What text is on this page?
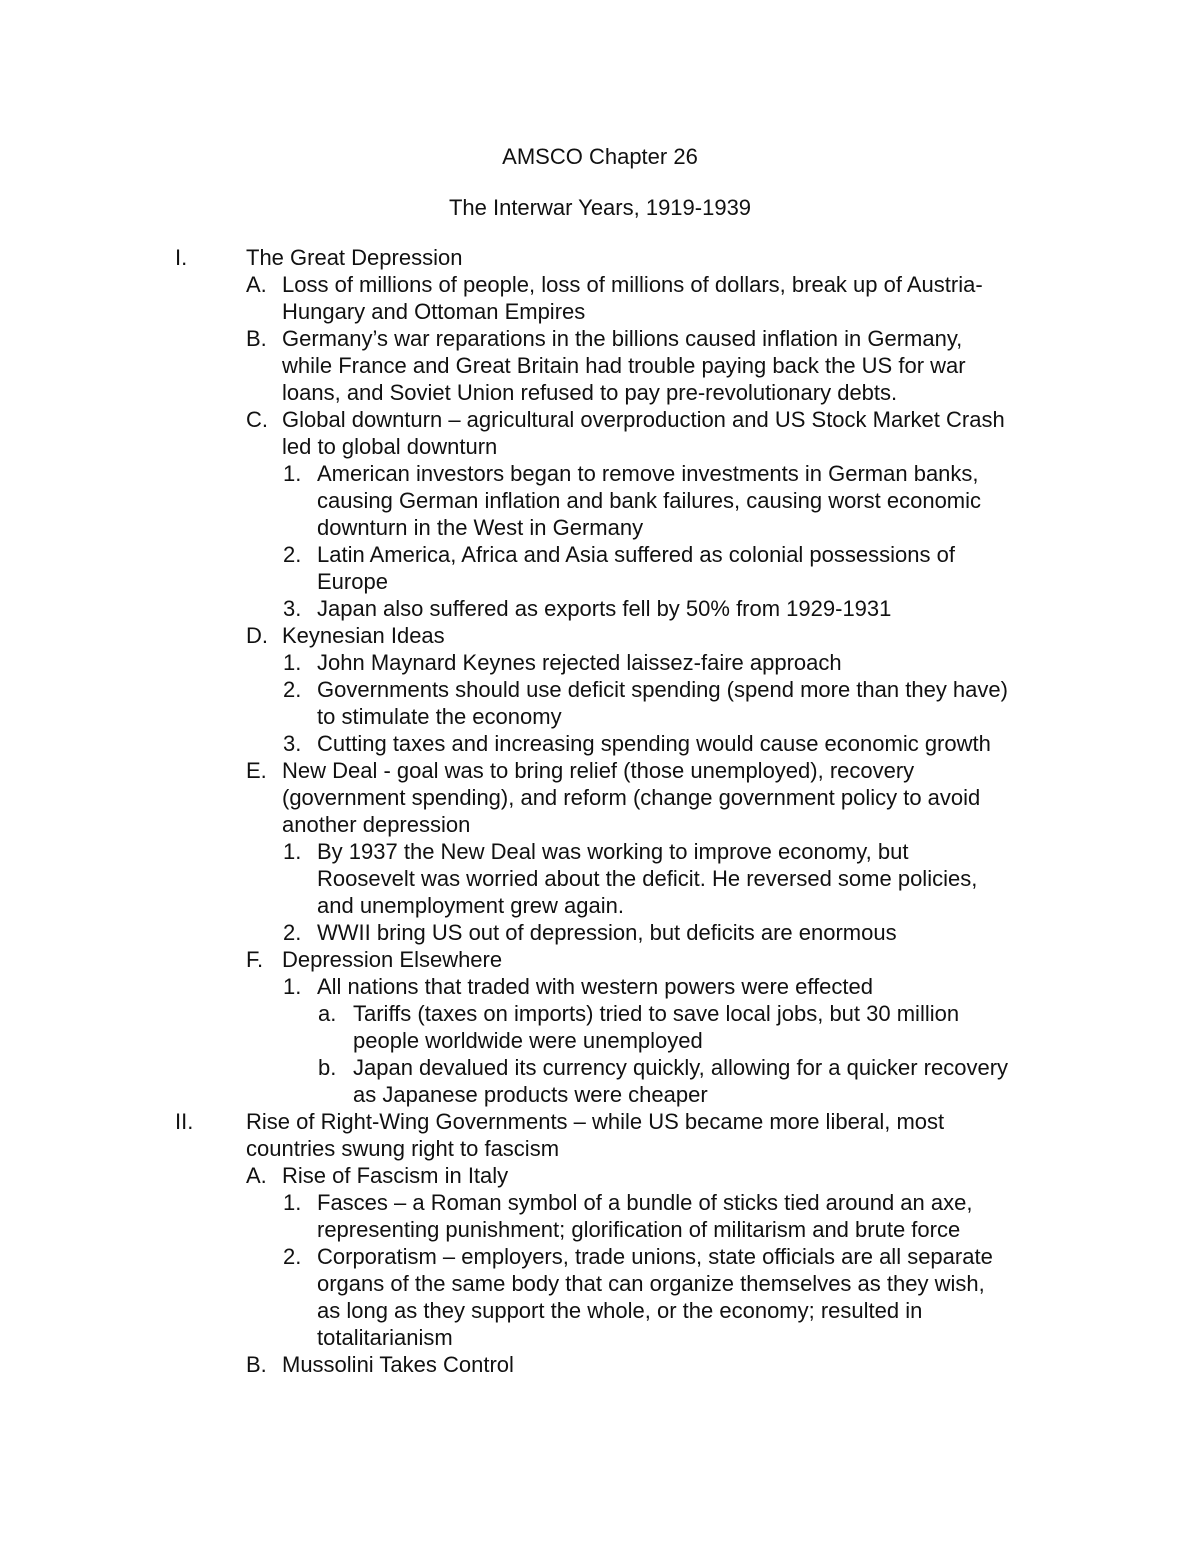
AMSCO Chapter 26
The Interwar Years, 1919-1939
I.	The Great Depression
A. Loss of millions of people, loss of millions of dollars, break up of Austria-
Hungary and Ottoman Empires
B. Germany’s war reparations in the billions caused inflation in Germany,
while France and Great Britain had trouble paying back the US for war
loans, and Soviet Union refused to pay pre-revolutionary debts.
C. Global downturn – agricultural overproduction and US Stock Market Crash
led to global downturn
1. American investors began to remove investments in German banks,
causing German inflation and bank failures, causing worst economic
downturn in the West in Germany
2. Latin America, Africa and Asia suffered as colonial possessions of
Europe
3. Japan also suffered as exports fell by 50% from 1929-1931
D. Keynesian Ideas
1. John Maynard Keynes rejected laissez-faire approach
2. Governments should use deficit spending (spend more than they have)
to stimulate the economy
3. Cutting taxes and increasing spending would cause economic growth
E. New Deal - goal was to bring relief (those unemployed), recovery
(government spending), and reform (change government policy to avoid
another depression
1. By 1937 the New Deal was working to improve economy, but
Roosevelt was worried about the deficit. He reversed some policies,
and unemployment grew again.
2. WWII bring US out of depression, but deficits are enormous
F. Depression Elsewhere
1. All nations that traded with western powers were effected
a. Tariffs (taxes on imports) tried to save local jobs, but 30 million
people worldwide were unemployed
b. Japan devalued its currency quickly, allowing for a quicker recovery
as Japanese products were cheaper
II. Rise of Right-Wing Governments – while US became more liberal, most
countries swung right to fascism
A. Rise of Fascism in Italy
1. Fasces – a Roman symbol of a bundle of sticks tied around an axe,
representing punishment; glorification of militarism and brute force
2. Corporatism – employers, trade unions, state officials are all separate
organs of the same body that can organize themselves as they wish,
as long as they support the whole, or the economy; resulted in
totalitarianism
B. Mussolini Takes Control
